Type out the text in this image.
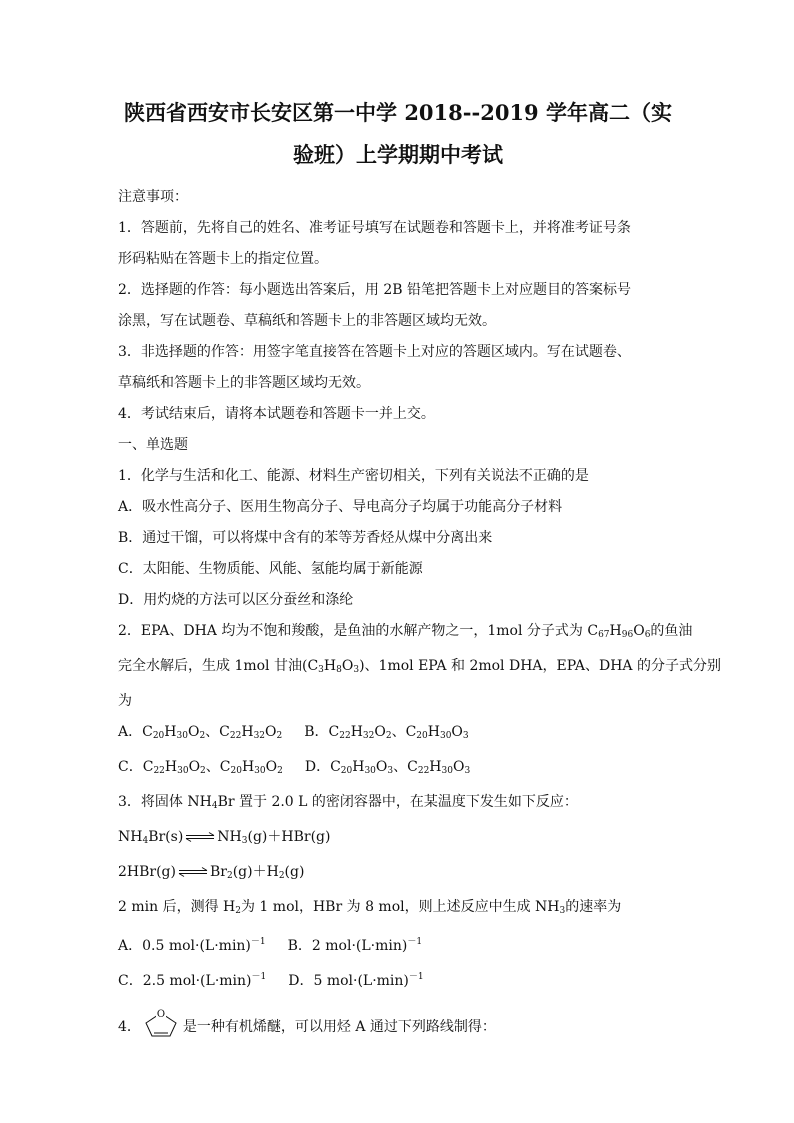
陕西省西安市长安区第一中学 2018--2019 学年高二（实
验班）上学期期中考试
注意事项：
1．答题前，先将自己的姓名、准考证号填写在试题卷和答题卡上，并将准考证号条
形码粘贴在答题卡上的指定位置。
2．选择题的作答：每小题选出答案后，用 2B 铅笔把答题卡上对应题目的答案标号
涂黑，写在试题卷、草稿纸和答题卡上的非答题区域均无效。
3．非选择题的作答：用签字笔直接答在答题卡上对应的答题区域内。写在试题卷、
草稿纸和答题卡上的非答题区域均无效。
4．考试结束后，请将本试题卷和答题卡一并上交。
一、单选题
1．化学与生活和化工、能源、材料生产密切相关，下列有关说法不正确的是
A．吸水性高分子、医用生物高分子、导电高分子均属于功能高分子材料
B．通过干馏，可以将煤中含有的苯等芳香烃从煤中分离出来
C．太阳能、生物质能、风能、氢能均属于新能源
D．用灼烧的方法可以区分蚕丝和涤纶
2．EPA、DHA 均为不饱和羧酸，是鱼油的水解产物之一，1mol 分子式为 $C_{67}H_{96}O_6$的鱼油
完全水解后，生成 1mol 甘油$(C_3H_8O_3)$、1mol EPA 和 2mol DHA，EPA、DHA 的分子式分别
为
A．$C_{20}H_{30}O_2$、$C_{22}H_{32}O_2$ B．$C_{22}H_{32}O_2$、$C_{20}H_{30}O_3$
C．$C_{22}H_{30}O_2$、$C_{20}H_{30}O_2$ D．$C_{20}H_{30}O_3$、$C_{22}H_{30}O_3$
3．将固体 $NH_4Br$ 置于 2.0 L 的密闭容器中，在某温度下发生如下反应：
$NH_4Br(s)$ ⇌ $NH_3(g)+HBr(g)$
2HBr(g) ⇌ $Br_2(g)+H_2(g)$
2 min 后，测得 $H_2$为 1 mol，HBr 为 8 mol，则上述反应中生成 $NH_3$的速率为
A．0.5 $mol\cdot(L\cdot\min)^{-1}$ B．2 $mol\cdot(L\cdot\min)^{-1}$
C．2.5 $mol\cdot(L\cdot\min)^{-1}$ D．5 $mol\cdot(L\cdot\min)^{-1}$
4．
O
是一种有机烯醚，可以用烃 A 通过下列路线制得：
